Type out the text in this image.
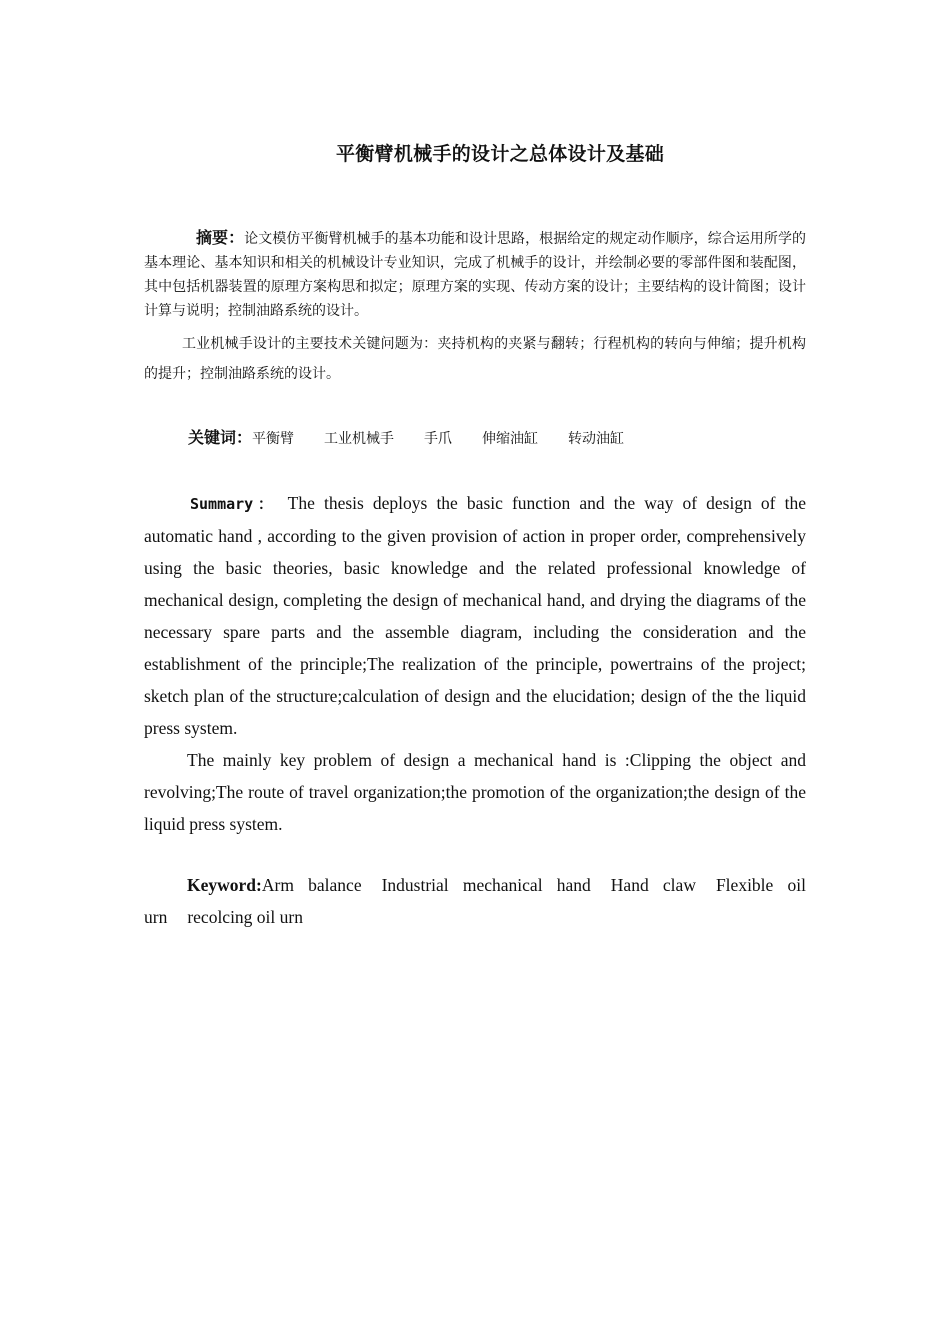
平衡臂机械手的设计之总体设计及基础

摘要：论文模仿平衡臂机械手的基本功能和设计思路，根据给定的规定动作顺序，综合运用所学的基本理论、基本知识和相关的机械设计专业知识，完成了机械手的设计，并绘制必要的零部件图和装配图，其中包括机器装置的原理方案构思和拟定；原理方案的实现、传动方案的设计；主要结构的设计简图；设计计算与说明；控制油路系统的设计。

工业机械手设计的主要技术关键问题为：夹持机构的夹紧与翻转；行程机构的转向与伸缩；提升机构的提升；控制油路系统的设计。

关键词：平衡臂 工业机械手 手爪 伸缩油缸 转动油缸

Summary： The thesis deploys the basic function and the way of design of the automatic hand , according to the given provision of action in proper order, comprehensively using the basic theories, basic knowledge and the related professional knowledge of mechanical design, completing the design of mechanical hand, and drying the diagrams of the necessary spare parts and the assemble diagram, including the consideration and the establishment of the principle;The realization of the principle, powertrains of the project; sketch plan of the structure;calculation of design and the elucidation; design of the the liquid press system.

The mainly key problem of design a mechanical hand is :Clipping the object and revolving;The route of travel organization;the promotion of the organization;the design of the liquid press system.

Keyword:Arm balance Industrial mechanical hand Hand claw Flexible oil urn recolcing oil urn
